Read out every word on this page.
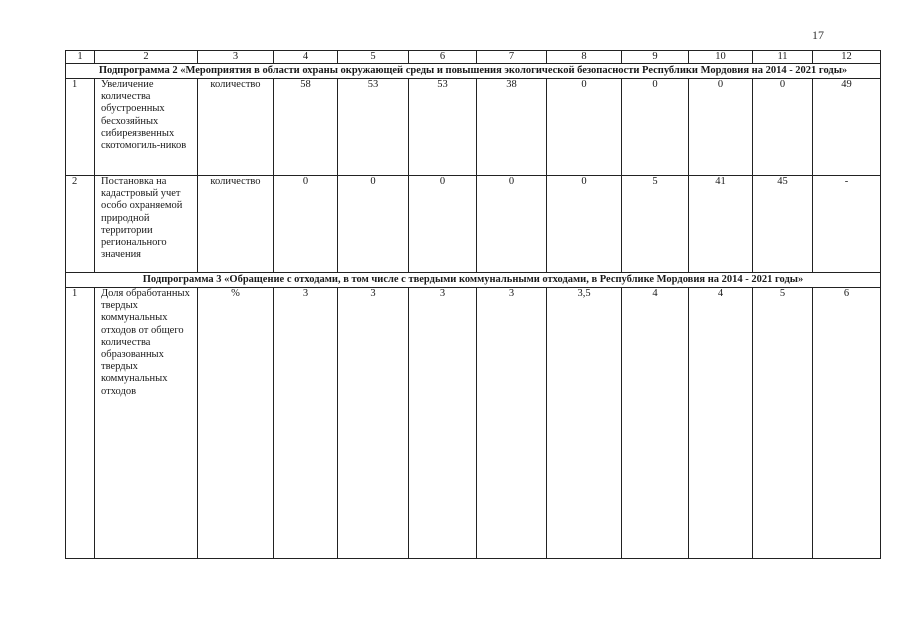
17
1	2	3	4	5	6	7	8	9	10	11	12
Подпрограмма 2 «Мероприятия в области охраны окружающей среды и повышения экологической безопасности Республики Мордовия на 2014 - 2021 годы»											
1	Увеличение количества обустроенных бесхозяйных сибиреязвенных скотомогиль-ников	количество	58	53	53	38	0	0	0	0	49
2	Постановка на кадастровый учет особо охраняемой природной территории регионального значения	количество	0	0	0	0	0	5	41	45	-
Подпрограмма 3 «Обращение с отходами, в том числе с твердыми коммунальными отходами, в Республике Мордовия на 2014 - 2021 годы»											
1	Доля обработанных твердых коммунальных отходов от общего количества образованных твердых коммунальных отходов	%	3	3	3	3	3,5	4	4	5	6
